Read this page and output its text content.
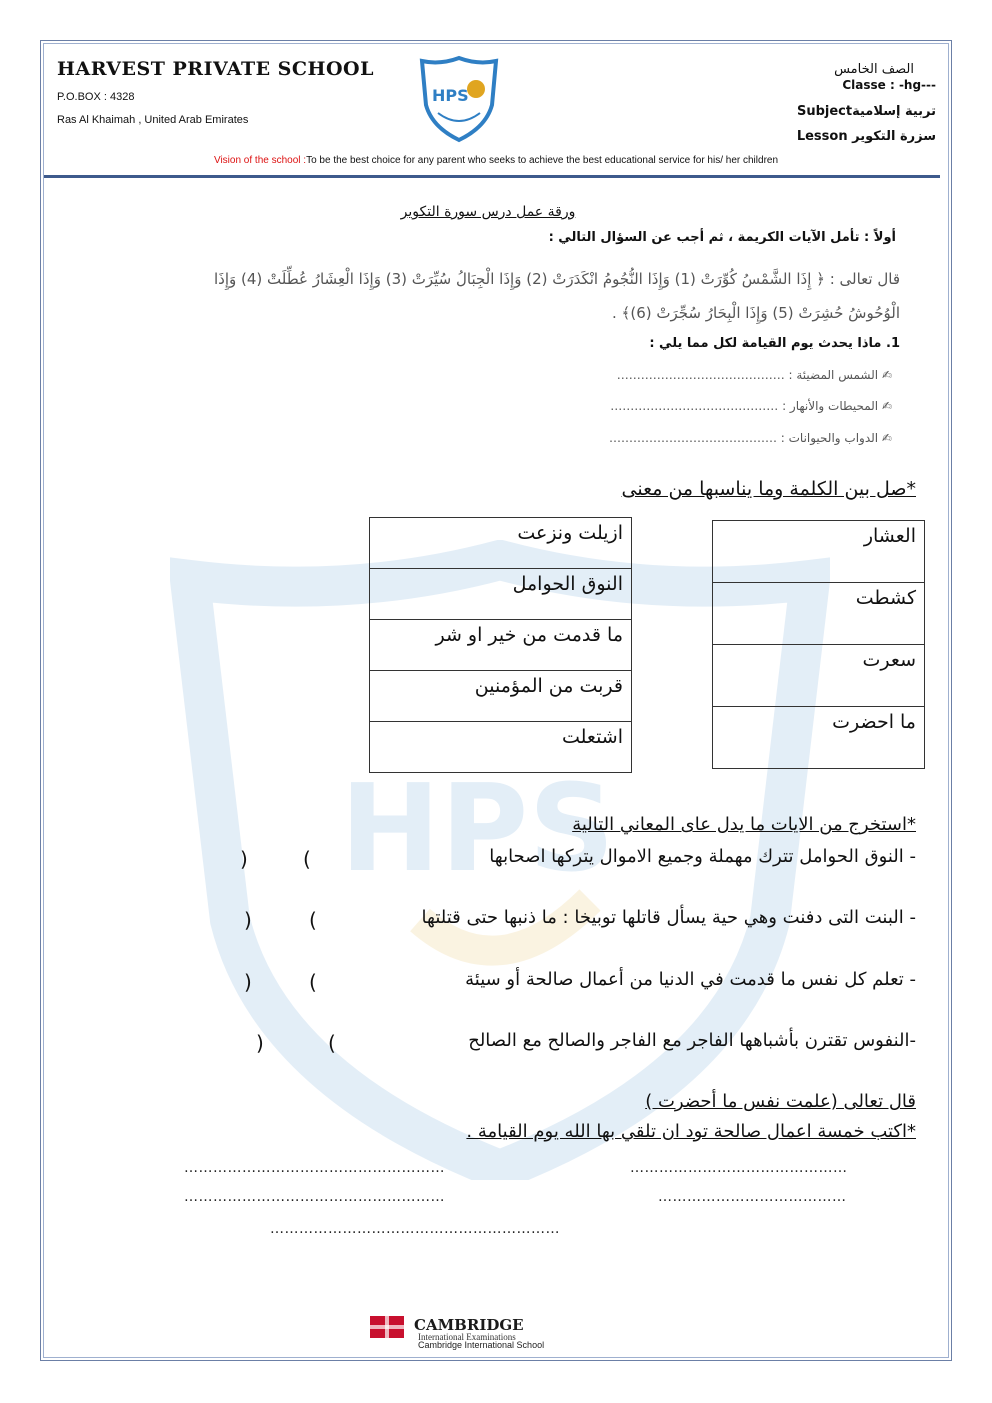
HPS
HARVEST PRIVATE SCHOOL
P.O.BOX : 4328
Ras Al Khaimah , United Arab Emirates
HPS
الصف الخامس
Classe : -hg---
Subjectتربية إسلامية
Lesson سزرة التكوير
Vision of the school :To be the best choice for any parent who seeks to achieve the best educational service for his/ her children
ورقة عمل درس سورة التكوير
أولاً : تأمل الآيات الكريمة ، ثم أجب عن السؤال التالي :
قال تعالى : ﴿ إِذَا الشَّمْسُ كُوِّرَتْ (1) وَإِذَا النُّجُومُ انْكَدَرَتْ (2) وَإِذَا الْجِبَالُ سُيِّرَتْ (3) وَإِذَا الْعِشَارُ عُطِّلَتْ (4) وَإِذَا
الْوُحُوشُ حُشِرَتْ (5) وَإِذَا الْبِحَارُ سُجِّرَتْ (6)﴾ .
1. ماذا يحدث يوم القيامة لكل مما يلي :
✍ الشمس المضيئة : ……………………………………
✍ المحيطات والأنهار : ……………………………………
✍ الدواب والحيوانات : ……………………………………
*صل بين الكلمة وما يناسبها من معنى
ازيلت ونزعت
النوق الحوامل
ما قدمت من خير او شر
قربت من المؤمنين
اشتعلت
العشار
كشطت
سعرت
ما احضرت
*استخرج من الايات ما يدل عاى المعاني التالية
- النوق الحوامل تترك مهملة وجميع الاموال يتركها اصحابها
)	(
- البنت التى دفنت وهي حية يسأل قاتلها توبيخا : ما ذنبها حتى قتلتها
)	(
- تعلم كل نفس ما قدمت في الدنيا من أعمال صالحة أو سيئة
)	(
-النفوس تقترن بأشباهها الفاجر مع الفاجر والصالح مع الصالح
)	(
قال تعالى (علمت نفس ما أحضرت )
*اكتب خمسة اعمال صالحة تود ان تلقي بها الله يوم القيامة .
………………………………………………	………………………………………
………………………………………………	…………………………………
……………………………………………………
CAMBRIDGE
International Examinations
Cambridge International School
